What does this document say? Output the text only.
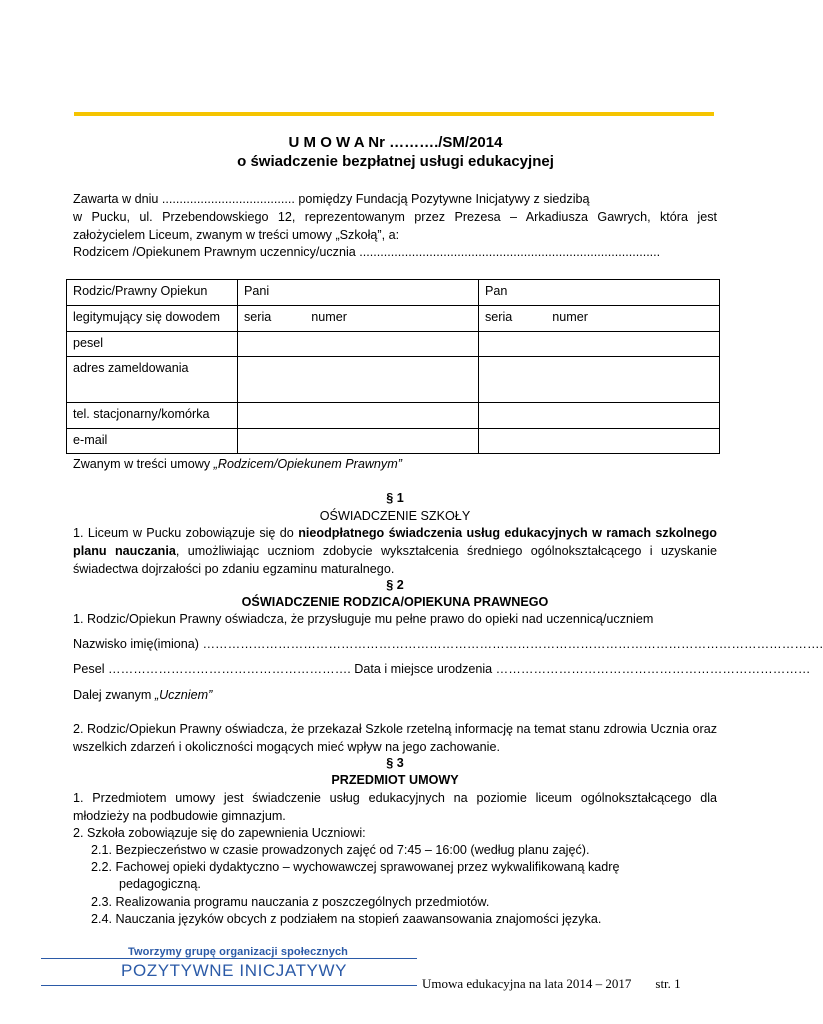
U M O W A Nr ………./SM/2014
o świadczenie bezpłatnej usługi edukacyjnej
Zawarta w dniu ...................................... pomiędzy Fundacją Pozytywne Inicjatywy z siedzibą
w Pucku, ul. Przebendowskiego 12, reprezentowanym przez Prezesa – Arkadiusza Gawrych, która jest
założycielem Liceum, zwanym w treści umowy „Szkołą”, a:
Rodzicem /Opiekunem Prawnym uczennicy/ucznia ......................................................................................
Rodzic/Prawny Opiekun	Pani	Pan
legitymujący się dowodem	seria numer	seria numer
pesel		
adres zameldowania		
tel. stacjonarny/komórka		
e-mail		
Zwanym w treści umowy „Rodzicem/Opiekunem Prawnym”
§ 1
OŚWIADCZENIE SZKOŁY
1. Liceum w Pucku zobowiązuje się do nieodpłatnego świadczenia usług edukacyjnych w ramach szkolnego planu nauczania, umożliwiając uczniom zdobycie wykształcenia średniego ogólnokształcącego i uzyskanie świadectwa dojrzałości po zdaniu egzaminu maturalnego.
§ 2
OŚWIADCZENIE RODZICA/OPIEKUNA PRAWNEGO
1. Rodzic/Opiekun Prawny oświadcza, że przysługuje mu pełne prawo do opieki nad uczennicą/uczniem
Nazwisko imię(imiona) ………………………………………………………………………………………………………………………………….
Pesel …………………………………………………. Data i miejsce urodzenia …………………………………………………………………
Dalej zwanym „Uczniem”
2. Rodzic/Opiekun Prawny oświadcza, że przekazał Szkole rzetelną informację na temat stanu zdrowia Ucznia oraz wszelkich zdarzeń i okoliczności mogących mieć wpływ na jego zachowanie.
§ 3
PRZEDMIOT UMOWY
1. Przedmiotem umowy jest świadczenie usług edukacyjnych na poziomie liceum ogólnokształcącego dla młodzieży na podbudowie gimnazjum.
2. Szkoła zobowiązuje się do zapewnienia Uczniowi:
2.1. Bezpieczeństwo w czasie prowadzonych zajęć od 7:45 – 16:00 (według planu zajęć).
2.2. Fachowej opieki dydaktyczno – wychowawczej sprawowanej przez wykwalifikowaną kadrę
pedagogiczną.
2.3. Realizowania programu nauczania z poszczególnych przedmiotów.
2.4. Nauczania języków obcych z podziałem na stopień zaawansowania znajomości języka.
Tworzymy grupę organizacji społecznych
POZYTYWNE INICJATYWY
Umowa edukacyjna na lata 2014 – 2017 str. 1
